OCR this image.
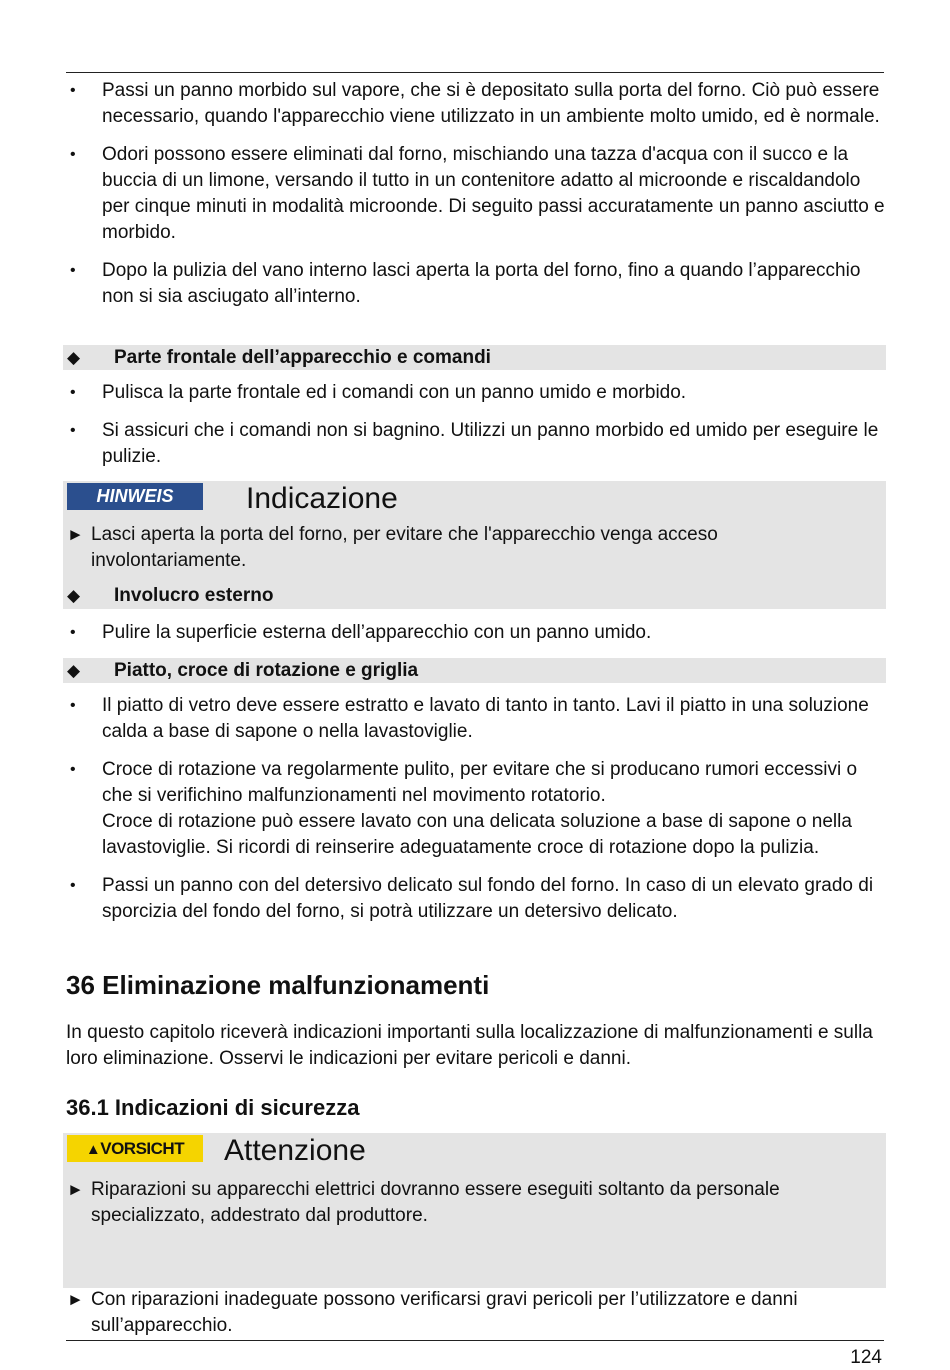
• Passi un panno morbido sul vapore, che si è depositato sulla porta del forno. Ciò può essere necessario, quando l'apparecchio viene utilizzato in un ambiente molto umido, ed è normale.
• Odori possono essere eliminati dal forno, mischiando una tazza d'acqua con il succo e la buccia di un limone, versando il tutto in un contenitore adatto al microonde e riscaldandolo per cinque minuti in modalità microonde. Di seguito passi accuratamente un panno asciutto e morbido.
• Dopo la pulizia del vano interno lasci aperta la porta del forno, fino a quando l’apparecchio non si sia asciugato all’interno.
◆ Parte frontale dell’apparecchio e comandi
• Pulisca la parte frontale ed i comandi con un panno umido e morbido.
• Si assicuri che i comandi non si bagnino. Utilizzi un panno morbido ed umido per eseguire le pulizie.
HINWEIS	Indicazione
► Lasci aperta la porta del forno, per evitare che l'apparecchio venga acceso involontariamente.
◆ Involucro esterno
• Pulire la superficie esterna dell’apparecchio con un panno umido.
◆ Piatto, croce di rotazione e griglia
• Il piatto di vetro deve essere estratto e lavato di tanto in tanto. Lavi il piatto in una soluzione calda a base di sapone o nella lavastoviglie.
• Croce di rotazione va regolarmente pulito, per evitare che si producano rumori eccessivi o che si verifichino malfunzionamenti nel movimento rotatorio.
Croce di rotazione può essere lavato con una delicata soluzione a base di sapone o nella lavastoviglie. Si ricordi di reinserire adeguatamente croce di rotazione dopo la pulizia.
• Passi un panno con del detersivo delicato sul fondo del forno. In caso di un elevato grado di sporcizia del fondo del forno, si potrà utilizzare un detersivo delicato.
36 Eliminazione malfunzionamenti
In questo capitolo riceverà indicazioni importanti sulla localizzazione di malfunzionamenti e sulla loro eliminazione. Osservi le indicazioni per evitare pericoli e danni.
36.1 Indicazioni di sicurezza
▲VORSICHT	Attenzione
► Riparazioni su apparecchi elettrici dovranno essere eseguiti soltanto da personale specializzato, addestrato dal produttore.
► Con riparazioni inadeguate possono verificarsi gravi pericoli per l’utilizzatore e danni sull’apparecchio.
124
